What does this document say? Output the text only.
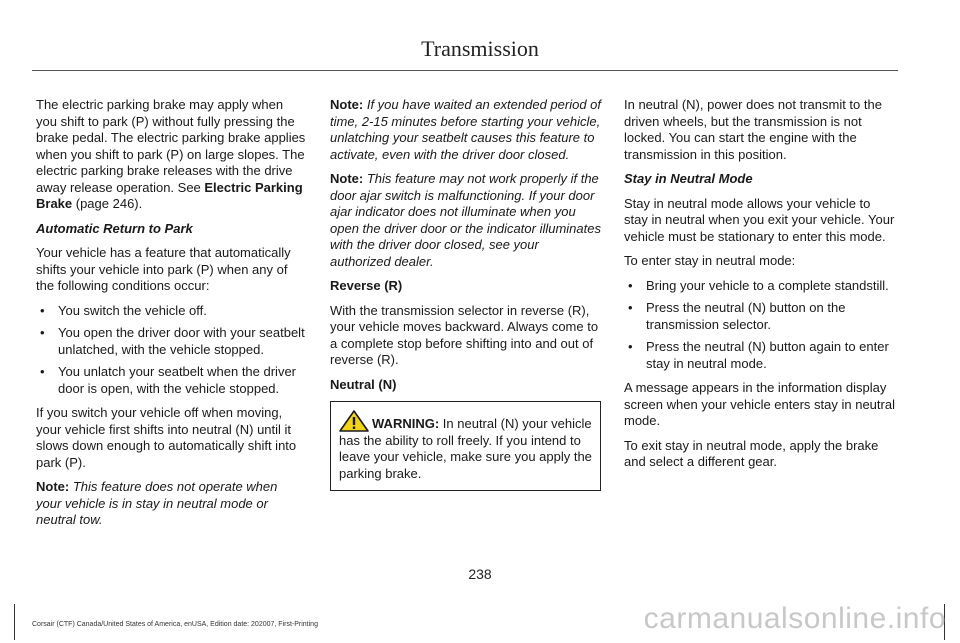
Transmission

The electric parking brake may apply when you shift to park (P) without fully pressing the brake pedal. The electric parking brake applies when you shift to park (P) on large slopes. The electric parking brake releases with the drive away release operation. See Electric Parking Brake (page 246).

Automatic Return to Park

Your vehicle has a feature that automatically shifts your vehicle into park (P) when any of the following conditions occur:

• You switch the vehicle off.
• You open the driver door with your seatbelt unlatched, with the vehicle stopped.
• You unlatch your seatbelt when the driver door is open, with the vehicle stopped.

If you switch your vehicle off when moving, your vehicle first shifts into neutral (N) until it slows down enough to automatically shift into park (P).

Note: This feature does not operate when your vehicle is in stay in neutral mode or neutral tow.

Note: If you have waited an extended period of time, 2-15 minutes before starting your vehicle, unlatching your seatbelt causes this feature to activate, even with the driver door closed.

Note: This feature may not work properly if the door ajar switch is malfunctioning. If your door ajar indicator does not illuminate when you open the driver door or the indicator illuminates with the driver door closed, see your authorized dealer.

Reverse (R)

With the transmission selector in reverse (R), your vehicle moves backward. Always come to a complete stop before shifting into and out of reverse (R).

Neutral (N)

WARNING: In neutral (N) your vehicle has the ability to roll freely. If you intend to leave your vehicle, make sure you apply the parking brake.

In neutral (N), power does not transmit to the driven wheels, but the transmission is not locked. You can start the engine with the transmission in this position.

Stay in Neutral Mode

Stay in neutral mode allows your vehicle to stay in neutral when you exit your vehicle. Your vehicle must be stationary to enter this mode.

To enter stay in neutral mode:

• Bring your vehicle to a complete standstill.
• Press the neutral (N) button on the transmission selector.
• Press the neutral (N) button again to enter stay in neutral mode.

A message appears in the information display screen when your vehicle enters stay in neutral mode.

To exit stay in neutral mode, apply the brake and select a different gear.

238
Corsair (CTF) Canada/United States of America, enUSA, Edition date: 202007, First-Printing	carmanualsonline.info
